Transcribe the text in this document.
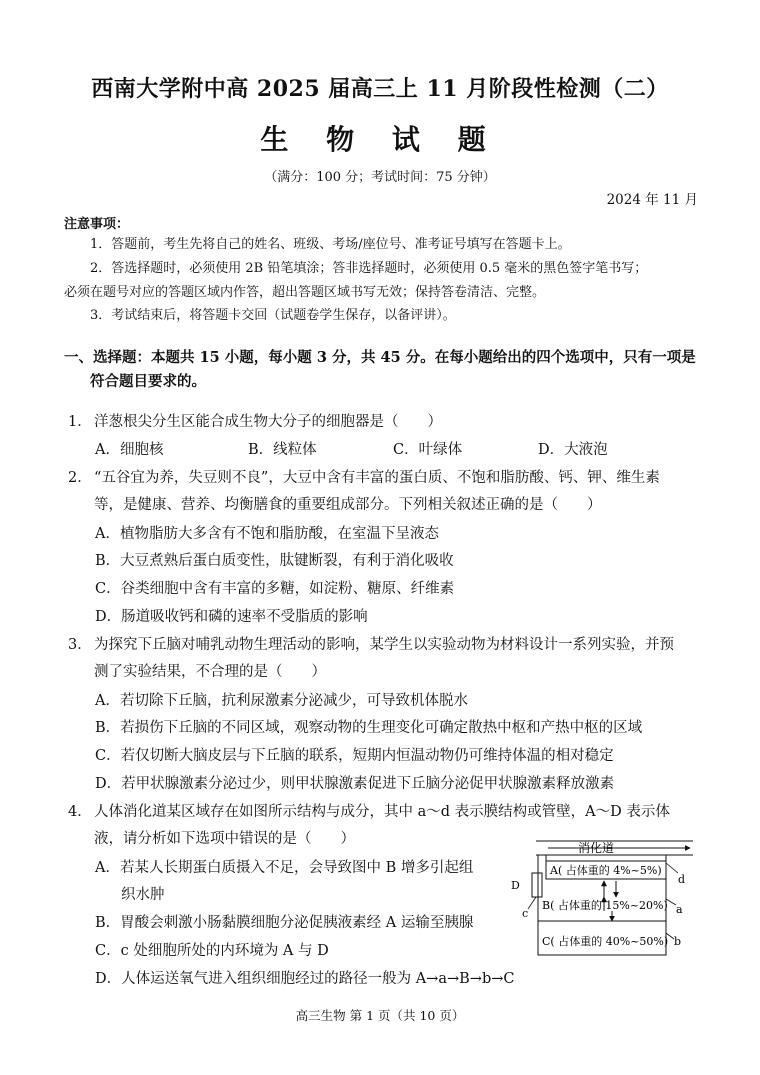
西南大学附中高 2025 届高三上 11 月阶段性检测（二）
生 物 试 题
（满分：100 分；考试时间：75 分钟）
2024 年 11 月
注意事项：
1．答题前，考生先将自己的姓名、班级、考场/座位号、准考证号填写在答题卡上。
2．答选择题时，必须使用 2B 铅笔填涂；答非选择题时，必须使用 0.5 毫米的黑色签字笔书写；
必须在题号对应的答题区域内作答，超出答题区域书写无效；保持答卷清洁、完整。
3．考试结束后，将答题卡交回（试题卷学生保存，以备评讲）。
一、选择题：本题共 15 小题，每小题 3 分，共 45 分。在每小题给出的四个选项中，只有一项是
符合题目要求的。
1． 洋葱根尖分生区能合成生物大分子的细胞器是（　　）
A．细胞核	B．线粒体	C．叶绿体	D．大液泡
2． “五谷宜为养，失豆则不良”，大豆中含有丰富的蛋白质、不饱和脂肪酸、钙、钾、维生素
等，是健康、营养、均衡膳食的重要组成部分。下列相关叙述正确的是（　　）
A．植物脂肪大多含有不饱和脂肪酸，在室温下呈液态
B．大豆煮熟后蛋白质变性，肽键断裂，有利于消化吸收
C．谷类细胞中含有丰富的多糖，如淀粉、糖原、纤维素
D．肠道吸收钙和磷的速率不受脂质的影响
3． 为探究下丘脑对哺乳动物生理活动的影响，某学生以实验动物为材料设计一系列实验，并预
测了实验结果，不合理的是（　　）
A．若切除下丘脑，抗利尿激素分泌减少，可导致机体脱水
B．若损伤下丘脑的不同区域，观察动物的生理变化可确定散热中枢和产热中枢的区域
C．若仅切断大脑皮层与下丘脑的联系，短期内恒温动物仍可维持体温的相对稳定
D．若甲状腺激素分泌过少，则甲状腺激素促进下丘脑分泌促甲状腺激素释放激素
4． 人体消化道某区域存在如图所示结构与成分，其中 a～d 表示膜结构或管壁，A～D 表示体
液，请分析如下选项中错误的是（　　）
A．若某人长期蛋白质摄入不足，会导致图中 B 增多引起组
织水肿
B．胃酸会刺激小肠黏膜细胞分泌促胰液素经 A 运输至胰腺
C．c 处细胞所处的内环境为 A 与 D
D．人体运送氧气进入组织细胞经过的路径一般为 A→a→B→b→C
消化道
A( 占体重的 4%~5%)
D
c
B( 占体重的 15%~20%)
C( 占体重的 40%~50%)
d
a
b
高三生物 第 1 页（共 10 页）
